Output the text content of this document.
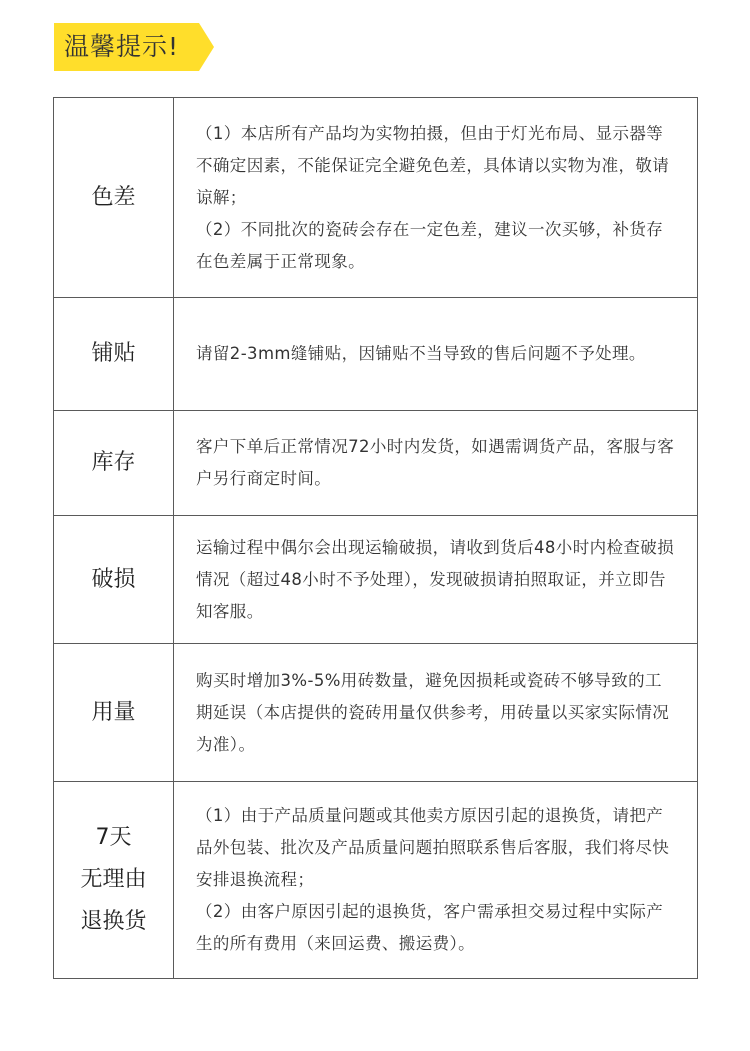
温馨提示!
色差	（1）本店所有产品均为实物拍摄，但由于灯光布局、显示器等不确定因素，不能保证完全避免色差，具体请以实物为准，敬请谅解；
（2）不同批次的瓷砖会存在一定色差，建议一次买够，补货存在色差属于正常现象。

铺贴	请留2-3mm缝铺贴，因铺贴不当导致的售后问题不予处理。

库存	客户下单后正常情况72小时内发货，如遇需调货产品，客服与客户另行商定时间。

破损	运输过程中偶尔会出现运输破损，请收到货后48小时内检查破损情况（超过48小时不予处理），发现破损请拍照取证，并立即告知客服。

用量	购买时增加3%-5%用砖数量，避免因损耗或瓷砖不够导致的工期延误（本店提供的瓷砖用量仅供参考，用砖量以买家实际情况为准）。

7天
无理由
退换货	（1）由于产品质量问题或其他卖方原因引起的退换货，请把产品外包装、批次及产品质量问题拍照联系售后客服，我们将尽快安排退换流程；
（2）由客户原因引起的退换货，客户需承担交易过程中实际产生的所有费用（来回运费、搬运费）。
